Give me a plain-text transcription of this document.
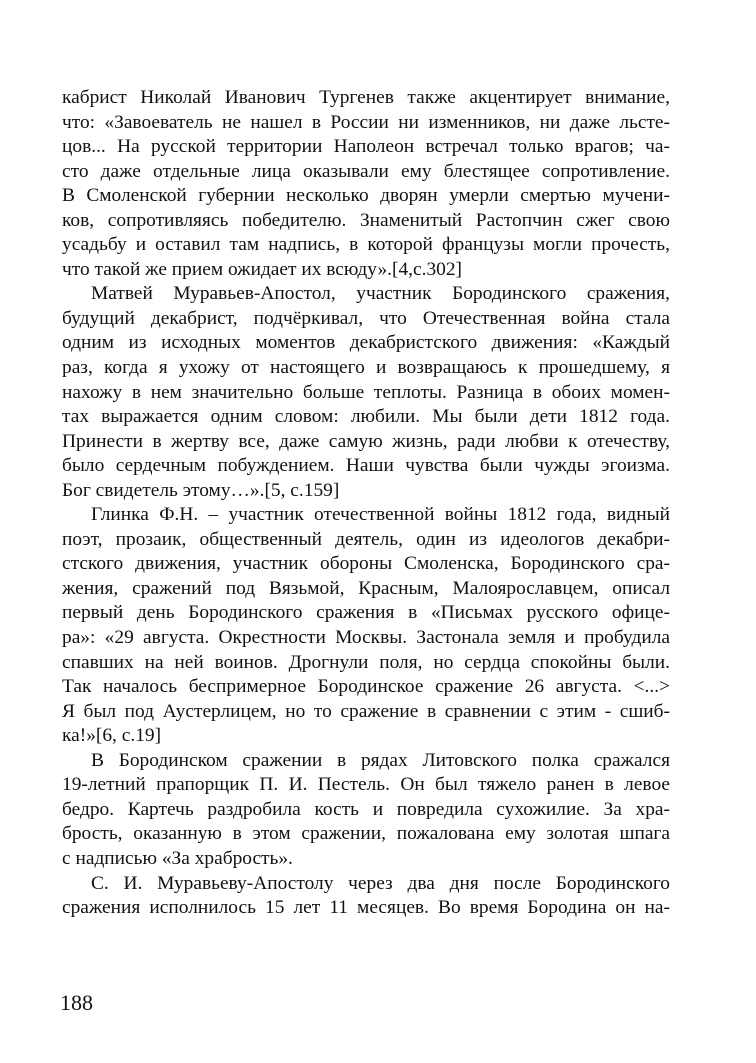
кабрист Николай Иванович Тургенев также акцентирует внимание,
что: «Завоеватель не нашел в России ни изменников, ни даже льсте-
цов... На русской территории Наполеон встречал только врагов; ча-
сто даже отдельные лица оказывали ему блестящее сопротивление.
В Смоленской губернии несколько дворян умерли смертью мучени-
ков, сопротивляясь победителю. Знаменитый Растопчин сжег свою
усадьбу и оставил там надпись, в которой французы могли прочесть,
что такой же прием ожидает их всюду».[4,с.302]
Матвей Муравьев-Апостол, участник Бородинского сражения,
будущий декабрист, подчёркивал, что Отечественная война стала
одним из исходных моментов декабристского движения: «Каждый
раз, когда я ухожу от настоящего и возвращаюсь к прошедшему, я
нахожу в нем значительно больше теплоты. Разница в обоих момен-
тах выражается одним словом: любили. Мы были дети 1812 года.
Принести в жертву все, даже самую жизнь, ради любви к отечеству,
было сердечным побуждением. Наши чувства были чужды эгоизма.
Бог свидетель этому…».[5, с.159]
Глинка Ф.Н. – участник отечественной войны 1812 года, видный
поэт, прозаик, общественный деятель, один из идеологов декабри-
стского движения, участник обороны Смоленска, Бородинского сра-
жения, сражений под Вязьмой, Красным, Малоярославцем, описал
первый день Бородинского сражения в «Письмах русского офице-
ра»: «29 августа. Окрестности Москвы. Застонала земля и пробудила
спавших на ней воинов. Дрогнули поля, но сердца спокойны были.
Так началось беспримерное Бородинское сражение 26 августа. <...>
Я был под Аустерлицем, но то сражение в сравнении с этим - сшиб-
ка!»[6, с.19]
В Бородинском сражении в рядах Литовского полка сражался
19-летний прапорщик П. И. Пестель. Он был тяжело ранен в левое
бедро. Картечь раздробила кость и повредила сухожилие. За хра-
брость, оказанную в этом сражении, пожалована ему золотая шпага
с надписью «За храбрость».
С. И. Муравьеву-Апостолу через два дня после Бородинского
сражения исполнилось 15 лет 11 месяцев. Во время Бородина он на-
188
